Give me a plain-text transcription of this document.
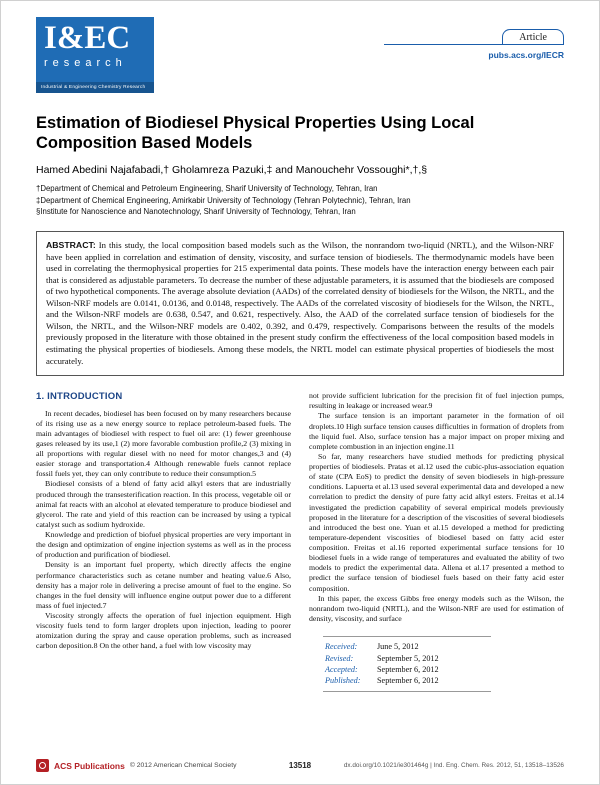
I&EC
research
Industrial & Engineering Chemistry Research
Article
pubs.acs.org/IECR
Estimation of Biodiesel Physical Properties Using Local Composition Based Models
Hamed Abedini Najafabadi,† Gholamreza Pazuki,‡ and Manouchehr Vossoughi*,†,§
†Department of Chemical and Petroleum Engineering, Sharif University of Technology, Tehran, Iran
‡Department of Chemical Engineering, Amirkabir University of Technology (Tehran Polytechnic), Tehran, Iran
§Institute for Nanoscience and Nanotechnology, Sharif University of Technology, Tehran, Iran
ABSTRACT: In this study, the local composition based models such as the Wilson, the nonrandom two-liquid (NRTL), and the Wilson-NRF have been applied in correlation and estimation of density, viscosity, and surface tension of biodiesels. The thermodynamic models have been used in correlating the thermophysical properties for 215 experimental data points. These models have the interaction energy between each pair that is considered as adjustable parameters. To decrease the number of these adjustable parameters, it is assumed that the biodiesels are composed of two hypothetical components. The average absolute deviation (AADs) of the correlated density of biodiesels for the Wilson, the NRTL, and the Wilson-NRF models are 0.0141, 0.0136, and 0.0148, respectively. The AADs of the correlated viscosity of biodiesels for the Wilson, the NRTL, and the Wilson-NRF models are 0.638, 0.547, and 0.621, respectively. Also, the AAD of the correlated surface tension of biodiesels for the Wilson, the NRTL, and the Wilson-NRF models are 0.402, 0.392, and 0.479, respectively. Comparisons between the results of the models previously proposed in the literature with those obtained in the present study confirm the effectiveness of the local composition based models in estimating the physical properties of biodiesels. Among these models, the NRTL model can estimate physical properties of biodiesels the most accurately.
1. INTRODUCTION

In recent decades, biodiesel has been focused on by many researchers because of its rising use as a new energy source to replace petroleum-based fuels. The main advantages of biodiesel with respect to fuel oil are: (1) fewer greenhouse gases released by its use,1 (2) more favorable combustion profile,2 (3) mixing in all proportions with regular diesel with no need for motor changes,3 and (4) easier storage and transportation.4 Although renewable fuels cannot replace fossil fuels yet, they can only contribute to reduce their consumption.5

Biodiesel consists of a blend of fatty acid alkyl esters that are industrially produced through the transesterification reaction. In this process, vegetable oil or animal fat reacts with an alcohol at elevated temperature to produce biodiesel and glycerol. The rate and yield of this reaction can be increased by using a typical catalyst such as sodium hydroxide.

Knowledge and prediction of biofuel physical properties are very important in the design and optimization of engine injection systems as well as in the process of production and purification of biodiesel.

Density is an important fuel property, which directly affects the engine performance characteristics such as cetane number and heating value.6 Also, density has a major role in delivering a precise amount of fuel to the engine. So changes in the fuel density will influence engine output power due to a different mass of fuel injected.7

Viscosity strongly affects the operation of fuel injection equipment. High viscosity fuels tend to form larger droplets upon injection, leading to poorer atomization during the spray and cause operation problems, such as increased carbon deposition.8 On the other hand, a fuel with low viscosity may

not provide sufficient lubrication for the precision fit of fuel injection pumps, resulting in leakage or increased wear.9

The surface tension is an important parameter in the formation of oil droplets.10 High surface tension causes difficulties in formation of droplets from the liquid fuel. Also, surface tension has a major impact on proper mixing and complete combustion in an injection engine.11

So far, many researchers have studied methods for predicting physical properties of biodiesels. Pratas et al.12 used the cubic-plus-association equation of state (CPA EoS) to predict the density of seven biodiesels in high-pressure conditions. Lapuerta et al.13 used several experimental data and developed a new correlation to predict the density of pure fatty acid alkyl esters. Freitas et al.14 investigated the prediction capability of several empirical models previously proposed in the literature for a description of the viscosities of several biodiesels and introduced the best one. Yuan et al.15 developed a method for predicting temperature-dependent viscosities of biodiesel based on fatty acid ester composition. Freitas et al.16 reported experimental surface tensions for 10 biodiesel fuels in a wide range of temperatures and evaluated the ability of two models to predict the experimental data. Allena et al.17 presented a method to predict the surface tension of biodiesel fuels based on their fatty acid ester composition.

In this paper, the excess Gibbs free energy models such as the Wilson, the nonrandom two-liquid (NRTL), and the Wilson-NRF are used for estimation of density, viscosity, and surface

Received: June 5, 2012
Revised:	September 5, 2012
Accepted: September 6, 2012
Published: September 6, 2012
ACS Publications © 2012 American Chemical Society	13518	dx.doi.org/10.1021/ie301464g | Ind. Eng. Chem. Res. 2012, 51, 13518–13526
